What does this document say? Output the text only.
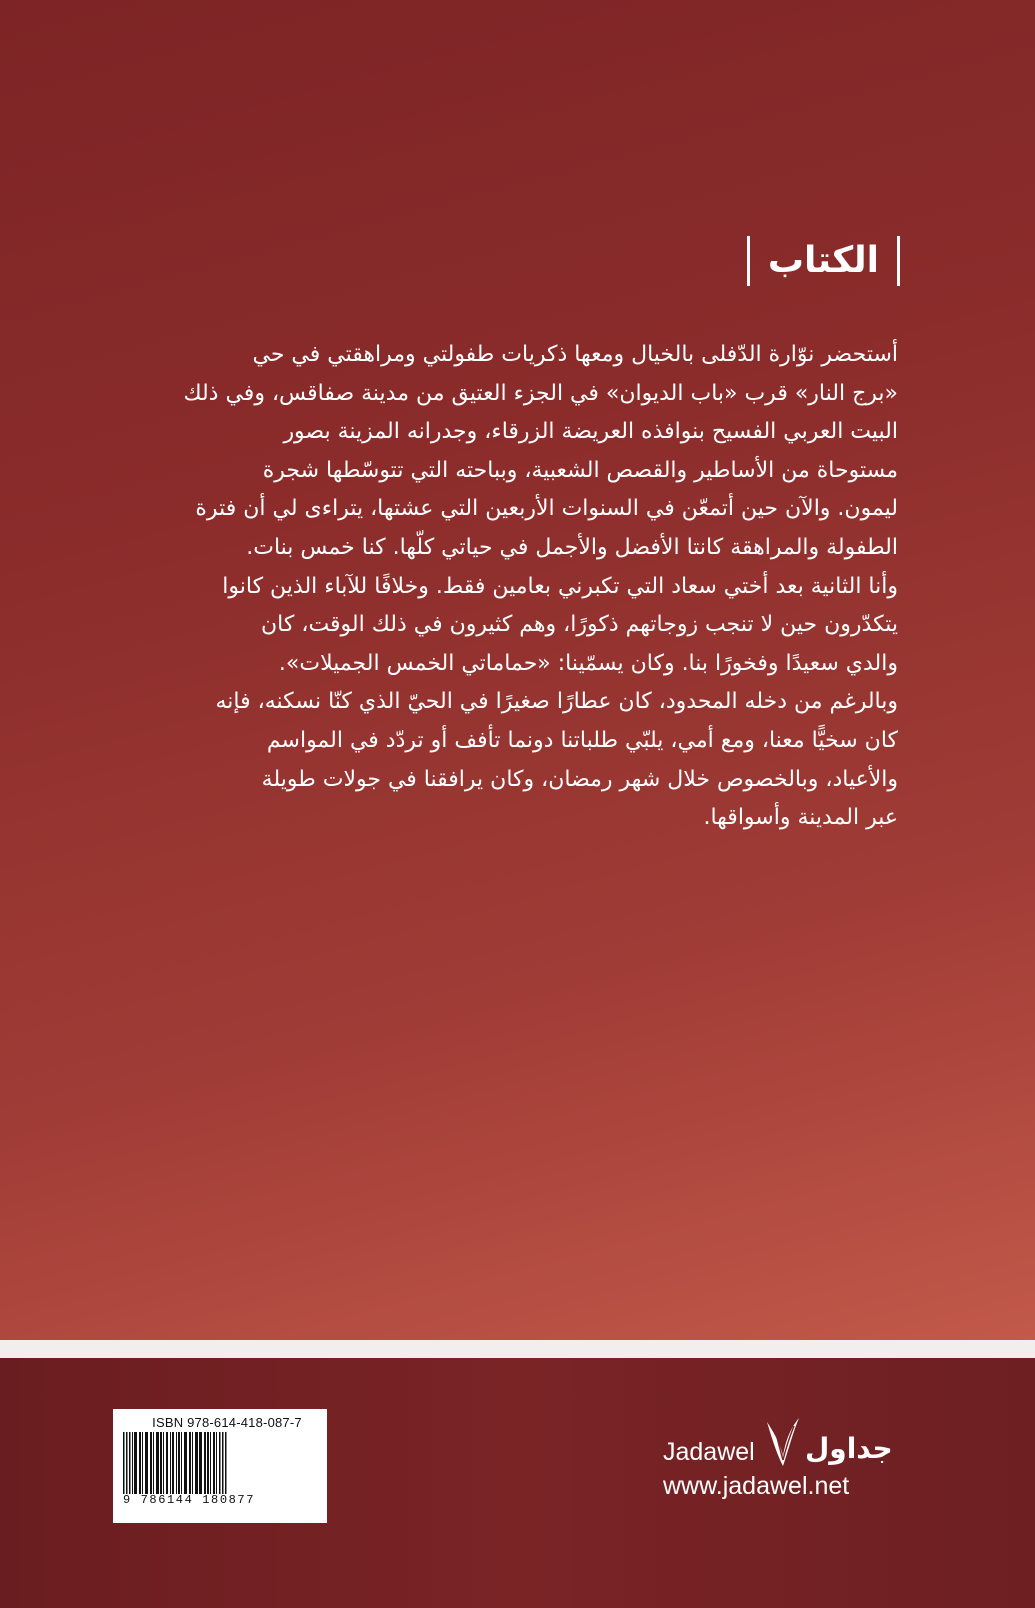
الكتاب
أستحضر نوّارة الدّفلى بالخيال ومعها ذكريات طفولتي ومراهقتي في حي
«برج النار» قرب «باب الديوان» في الجزء العتيق من مدينة صفاقس، وفي ذلك
البيت العربي الفسيح بنوافذه العريضة الزرقاء، وجدرانه المزينة بصور
مستوحاة من الأساطير والقصص الشعبية، وبباحته التي تتوسّطها شجرة
ليمون. والآن حين أتمعّن في السنوات الأربعين التي عشتها، يتراءى لي أن فترة
الطفولة والمراهقة كانتا الأفضل والأجمل في حياتي كلّها. كنا خمس بنات.
وأنا الثانية بعد أختي سعاد التي تكبرني بعامين فقط. وخلافًا للآباء الذين كانوا
يتكدّرون حين لا تنجب زوجاتهم ذكورًا، وهم كثيرون في ذلك الوقت، كان
والدي سعيدًا وفخورًا بنا. وكان يسمّينا: «حماماتي الخمس الجميلات».
وبالرغم من دخله المحدود، كان عطارًا صغيرًا في الحيّ الذي كنّا نسكنه، فإنه
كان سخيًّا معنا، ومع أمي، يلبّي طلباتنا دونما تأفف أو تردّد في المواسم
والأعياد، وبالخصوص خلال شهر رمضان، وكان يرافقنا في جولات طويلة
عبر المدينة وأسواقها.
ISBN 978-614-418-087-7
9 786144 180877
Jadawel جداول
www.jadawel.net
